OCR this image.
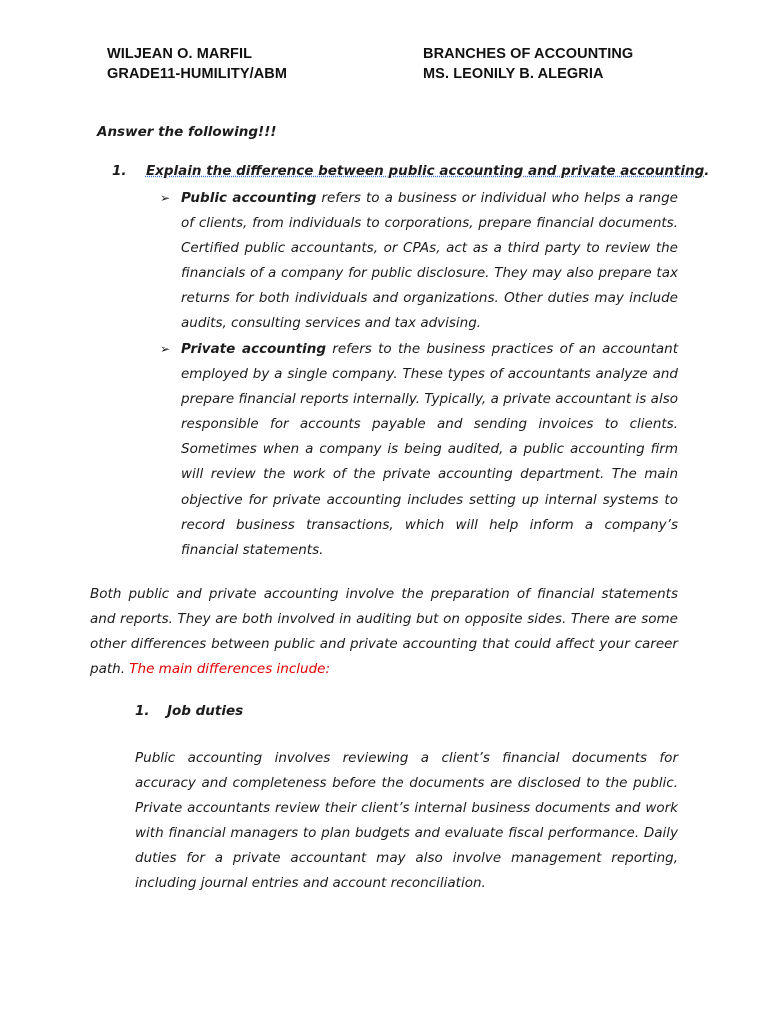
WILJEAN O. MARFIL
GRADE11-HUMILITY/ABM
BRANCHES OF ACCOUNTING
MS. LEONILY B. ALEGRIA
Answer the following!!!
1. Explain the difference between public accounting and private accounting.
➢ Public accounting refers to a business or individual who helps a range of clients, from individuals to corporations, prepare financial documents. Certified public accountants, or CPAs, act as a third party to review the financials of a company for public disclosure. They may also prepare tax returns for both individuals and organizations. Other duties may include audits, consulting services and tax advising.

➢ Private accounting refers to the business practices of an accountant employed by a single company. These types of accountants analyze and prepare financial reports internally. Typically, a private accountant is also responsible for accounts payable and sending invoices to clients. Sometimes when a company is being audited, a public accounting firm will review the work of the private accounting department. The main objective for private accounting includes setting up internal systems to record business transactions, which will help inform a company’s financial statements.

Both public and private accounting involve the preparation of financial statements and reports. They are both involved in auditing but on opposite sides. There are some other differences between public and private accounting that could affect your career path. The main differences include:

1. Job duties

Public accounting involves reviewing a client’s financial documents for accuracy and completeness before the documents are disclosed to the public. Private accountants review their client’s internal business documents and work with financial managers to plan budgets and evaluate fiscal performance. Daily duties for a private accountant may also involve management reporting, including journal entries and account reconciliation.
